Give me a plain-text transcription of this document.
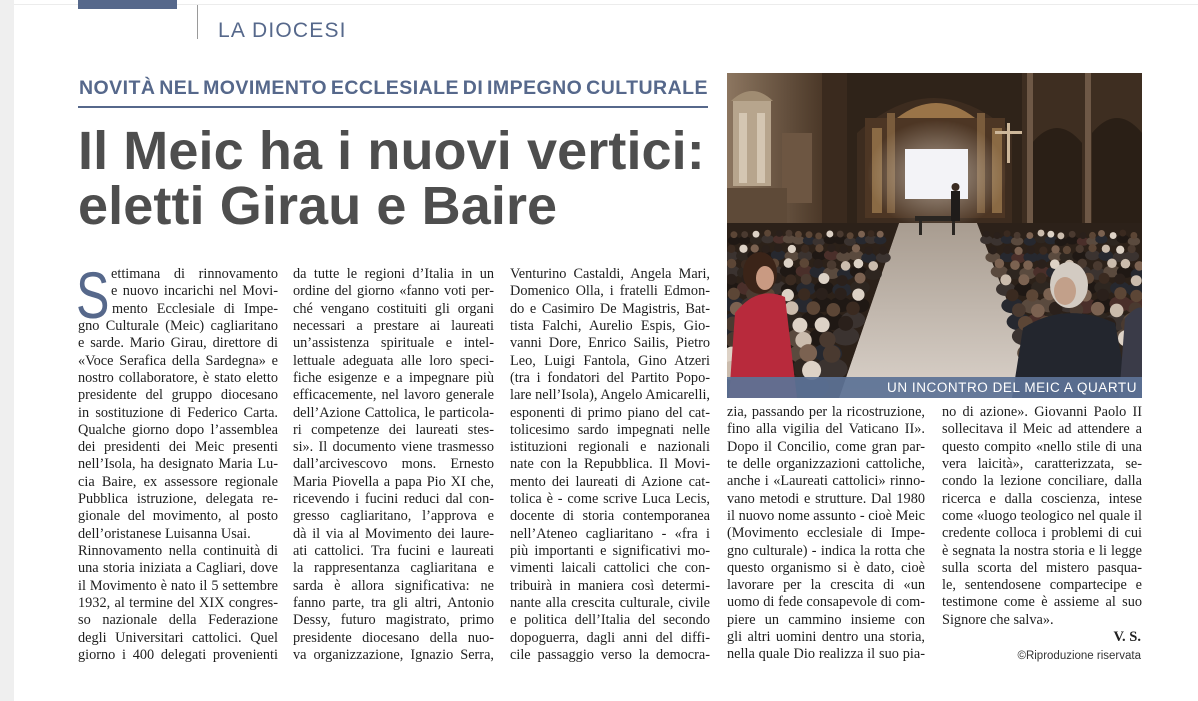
LA DIOCESI
NOVITÀ NEL MOVIMENTO ECCLESIALE DI IMPEGNO CULTURALE
Il Meic ha i nuovi vertici:
eletti Girau e Baire
S ettimana di rinnovamento
e nuovo incarichi nel Movi-
mento Ecclesiale di Impe-
gno Culturale (Meic) cagliaritano
e sarde. Mario Girau, direttore di
«Voce Serafica della Sardegna» e
nostro collaboratore, è stato eletto
presidente del gruppo diocesano
in sostituzione di Federico Carta.
Qualche giorno dopo l’assemblea
dei presidenti dei Meic presenti
nell’Isola, ha designato Maria Lu-
cia Baire, ex assessore regionale
Pubblica istruzione, delegata re-
gionale del movimento, al posto
dell’oristanese Luisanna Usai.
Rinnovamento nella continuità di
una storia iniziata a Cagliari, dove
il Movimento è nato il 5 settembre
1932, al termine del XIX congres-
so nazionale della Federazione
degli Universitari cattolici. Quel
giorno i 400 delegati provenienti
da tutte le regioni d’Italia in un
ordine del giorno «fanno voti per-
ché vengano costituiti gli organi
necessari a prestare ai laureati
un’assistenza spirituale e intel-
lettuale adeguata alle loro speci-
fiche esigenze e a impegnare più
efficacemente, nel lavoro generale
dell’Azione Cattolica, le particola-
ri competenze dei laureati stes-
si». Il documento viene trasmesso
dall’arcivescovo mons. Ernesto
Maria Piovella a papa Pio XI che,
ricevendo i fucini reduci dal con-
gresso cagliaritano, l’approva e
dà il via al Movimento dei laure-
ati cattolici. Tra fucini e laureati
la rappresentanza cagliaritana e
sarda è allora significativa: ne
fanno parte, tra gli altri, Antonio
Dessy, futuro magistrato, primo
presidente diocesano della nuo-
va organizzazione, Ignazio Serra,
Venturino Castaldi, Angela Mari,
Domenico Olla, i fratelli Edmon-
do e Casimiro De Magistris, Bat-
tista Falchi, Aurelio Espis, Gio-
vanni Dore, Enrico Sailis, Pietro
Leo, Luigi Fantola, Gino Atzeri
(tra i fondatori del Partito Popo-
lare nell’Isola), Angelo Amicarelli,
esponenti di primo piano del cat-
tolicesimo sardo impegnati nelle
istituzioni regionali e nazionali
nate con la Repubblica. Il Movi-
mento dei laureati di Azione cat-
tolica è - come scrive Luca Lecis,
docente di storia contemporanea
nell’Ateneo cagliaritano - «fra i
più importanti e significativi mo-
vimenti laicali cattolici che con-
tribuirà in maniera così determi-
nante alla crescita culturale, civile
e politica dell’Italia del secondo
dopoguerra, dagli anni del diffi-
cile passaggio verso la democra-
zia, passando per la ricostruzione,
fino alla vigilia del Vaticano II».
Dopo il Concilio, come gran par-
te delle organizzazioni cattoliche,
anche i «Laureati cattolici» rinno-
vano metodi e strutture. Dal 1980
il nuovo nome assunto - cioè Meic
(Movimento ecclesiale di Impe-
gno culturale) - indica la rotta che
questo organismo si è dato, cioè
lavorare per la crescita di «un
uomo di fede consapevole di com-
piere un cammino insieme con
gli altri uomini dentro una storia,
nella quale Dio realizza il suo pia-
no di azione». Giovanni Paolo II
sollecitava il Meic ad attendere a
questo compito «nello stile di una
vera laicità», caratterizzata, se-
condo la lezione conciliare, dalla
ricerca e dalla coscienza, intese
come «luogo teologico nel quale il
credente colloca i problemi di cui
è segnata la nostra storia e li legge
sulla scorta del mistero pasqua-
le, sentendosene compartecipe e
testimone come è assieme al suo
Signore che salva».
V. S.
©Riproduzione riservata
UN INCONTRO DEL MEIC A QUARTU
